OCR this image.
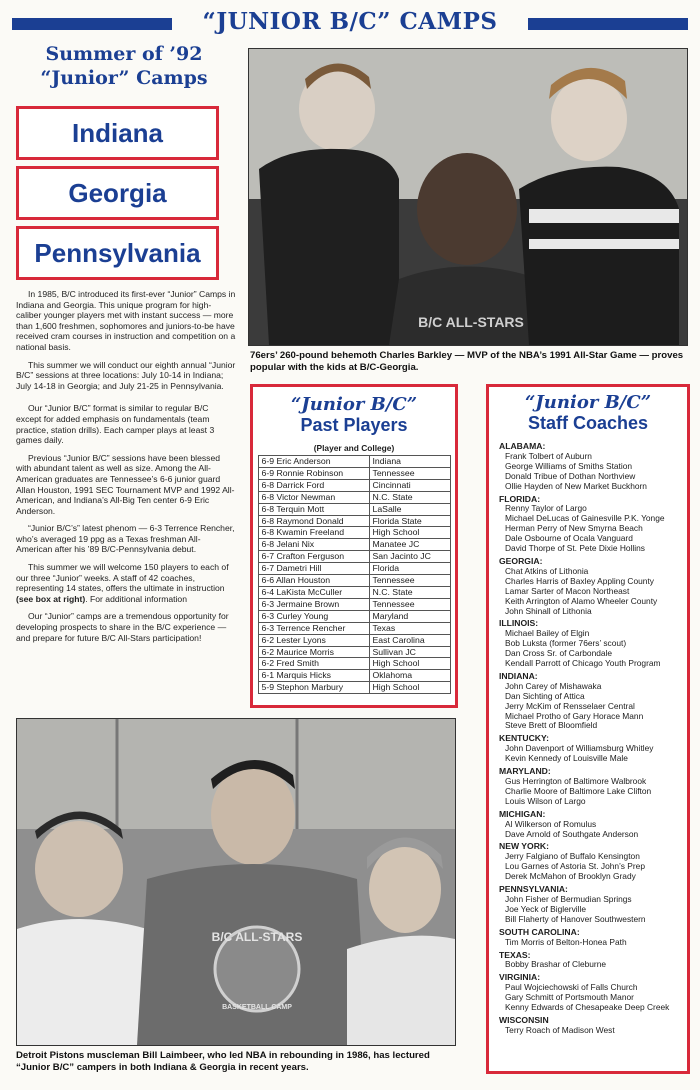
“JUNIOR B/C” CAMPS
Summer of ’92
“Junior” Camps
Indiana
Georgia
Pennsylvania

In 1985, B/C introduced its first-ever “Junior” Camps in Indiana and Georgia. This unique program for high-caliber younger players met with instant success — more than 1,600 freshmen, sophomores and juniors-to-be have received cram courses in instruction and competition on a national basis.

This summer we will conduct our eighth annual “Junior B/C” sessions at three locations: July 10-14 in Indiana; July 14-18 in Georgia; and July 21-25 in Pennsylvania.

Our “Junior B/C” format is similar to regular B/C except for added emphasis on fundamentals (team practice, station drills). Each camper plays at least 3 games daily.

Previous “Junior B/C” sessions have been blessed with abundant talent as well as size. Among the All-American graduates are Tennessee’s 6-6 junior guard Allan Houston, 1991 SEC Tournament MVP and 1992 All-American, and Indiana’s All-Big Ten center 6-9 Eric Anderson.

“Junior B/C’s” latest phenom — 6-3 Terrence Rencher, who’s averaged 19 ppg as a Texas freshman All-American after his ’89 B/C-Pennsylvania debut.

This summer we will welcome 150 players to each of our three “Junior” weeks. A staff of 42 coaches, representing 14 states, offers the ultimate in instruction (see box at right). For additional information

Our “Junior” camps are a tremendous opportunity for developing prospects to share in the B/C experience — and prepare for future B/C All-Stars participation!

B/C ALL-STARS
76ers’ 260-pound behemoth Charles Barkley — MVP of the NBA’s 1991 All-Star Game — proves popular with the kids at B/C-Georgia.
“Junior B/C”
Past Players
(Player and College)	
6-9 Eric Anderson	Indiana
6-9 Ronnie Robinson	Tennessee
6-8 Darrick Ford	Cincinnati
6-8 Victor Newman	N.C. State
6-8 Terquin Mott	LaSalle
6-8 Raymond Donald	Florida State
6-8 Kwamin Freeland	High School
6-8 Jelani Nix	Manatee JC
6-7 Crafton Ferguson	San Jacinto JC
6-7 Dametri Hill	Florida
6-6 Allan Houston	Tennessee
6-4 LaKista McCuller	N.C. State
6-3 Jermaine Brown	Tennessee
6-3 Curley Young	Maryland
6-3 Terrence Rencher	Texas
6-2 Lester Lyons	East Carolina
6-2 Maurice Morris	Sullivan JC
6-2 Fred Smith	High School
6-1 Marquis Hicks	Oklahoma
5-9 Stephon Marbury	High School
“Junior B/C”
Staff Coaches
ALABAMA:
Frank Tolbert of Auburn
George Williams of Smiths Station
Donald Tribue of Dothan Northview
Ollie Hayden of New Market Buckhorn
FLORIDA:
Renny Taylor of Largo
Michael DeLucas of Gainesville P.K. Yonge
Herman Perry of New Smyrna Beach
Dale Osbourne of Ocala Vanguard
David Thorpe of St. Pete Dixie Hollins
GEORGIA:
Chat Atkins of Lithonia
Charles Harris of Baxley Appling County
Lamar Sarter of Macon Northeast
Keith Arrington of Alamo Wheeler County
John Shinall of Lithonia
ILLINOIS:
Michael Bailey of Elgin
Bob Luksta (former 76ers’ scout)
Dan Cross Sr. of Carbondale
Kendall Parrott of Chicago Youth Program
INDIANA:
John Carey of Mishawaka
Dan Sichting of Attica
Jerry McKim of Rensselaer Central
Michael Protho of Gary Horace Mann
Steve Brett of Bloomfield
KENTUCKY:
John Davenport of Williamsburg Whitley
Kevin Kennedy of Louisville Male
MARYLAND:
Gus Herrington of Baltimore Walbrook
Charlie Moore of Baltimore Lake Clifton
Louis Wilson of Largo
MICHIGAN:
Al Wilkerson of Romulus
Dave Arnold of Southgate Anderson
NEW YORK:
Jerry Falgiano of Buffalo Kensington
Lou Garnes of Astoria St. John’s Prep
Derek McMahon of Brooklyn Grady
PENNSYLVANIA:
John Fisher of Bermudian Springs
Joe Yeck of Biglerville
Bill Flaherty of Hanover Southwestern
SOUTH CAROLINA:
Tim Morris of Belton-Honea Path
TEXAS:
Bobby Brashar of Cleburne
VIRGINIA:
Paul Wojciechowski of Falls Church
Gary Schmitt of Portsmouth Manor
Kenny Edwards of Chesapeake Deep Creek
WISCONSIN
Terry Roach of Madison West
B/C ALL-STARS
BASKETBALL CAMP
Detroit Pistons muscleman Bill Laimbeer, who led NBA in rebounding in 1986, has lectured “Junior B/C” campers in both Indiana & Georgia in recent years.
